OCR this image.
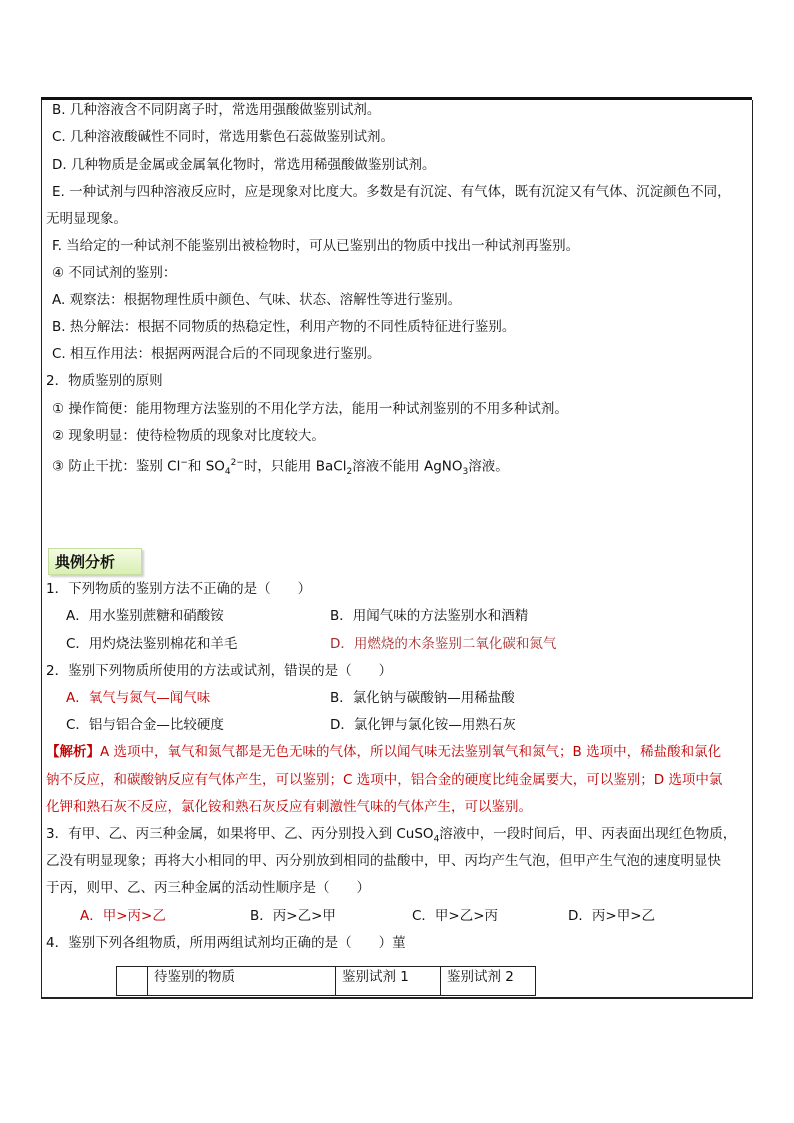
B. 几种溶液含不同阴离子时，常选用强酸做鉴别试剂。
C. 几种溶液酸碱性不同时，常选用紫色石蕊做鉴别试剂。
D. 几种物质是金属或金属氧化物时，常选用稀强酸做鉴别试剂。
E. 一种试剂与四种溶液反应时，应是现象对比度大。多数是有沉淀、有气体，既有沉淀又有气体、沉淀颜色不同，
无明显现象。
F. 当给定的一种试剂不能鉴别出被检物时，可从已鉴别出的物质中找出一种试剂再鉴别。
④ 不同试剂的鉴别：
A. 观察法：根据物理性质中颜色、气味、状态、溶解性等进行鉴别。
B. 热分解法：根据不同物质的热稳定性，利用产物的不同性质特征进行鉴别。
C. 相互作用法：根据两两混合后的不同现象进行鉴别。
2．物质鉴别的原则
① 操作简便：能用物理方法鉴别的不用化学方法，能用一种试剂鉴别的不用多种试剂。
② 现象明显：使待检物质的现象对比度较大。
③ 防止干扰：鉴别 Cl−和 $SO_4^{2-}$时，只能用 BaCl$_2$溶液不能用 AgNO$_3$溶液。
典例分析
1．下列物质的鉴别方法不正确的是（　　）
A．用水鉴别蔗糖和硝酸铵	B．用闻气味的方法鉴别水和酒精
C．用灼烧法鉴别棉花和羊毛	D．用燃烧的木条鉴别二氧化碳和氮气
2．鉴别下列物质所使用的方法或试剂，错误的是（　　）
A．氧气与氮气—闻气味	B．氯化钠与碳酸钠—用稀盐酸
C．铝与铝合金—比较硬度	D．氯化钾与氯化铵—用熟石灰
【解析】A 选项中，氧气和氮气都是无色无味的气体，所以闻气味无法鉴别氧气和氮气；B 选项中，稀盐酸和氯化
钠不反应，和碳酸钠反应有气体产生，可以鉴别；C 选项中，铝合金的硬度比纯金属要大，可以鉴别；D 选项中氯
化钾和熟石灰不反应，氯化铵和熟石灰反应有刺激性气味的气体产生，可以鉴别。
3．有甲、乙、丙三种金属，如果将甲、乙、丙分别投入到 CuSO$_4$溶液中，一段时间后，甲、丙表面出现红色物质，
乙没有明显现象；再将大小相同的甲、丙分别放到相同的盐酸中，甲、丙均产生气泡，但甲产生气泡的速度明显快
于丙，则甲、乙、丙三种金属的活动性顺序是（　　）
A．甲>丙>乙	B．丙>乙>甲	C．甲>乙>丙	D．丙>甲>乙
4．鉴别下列各组物质，所用两组试剂均正确的是（　　）菫
	待鉴别的物质	鉴别试剂 1	鉴别试剂 2
